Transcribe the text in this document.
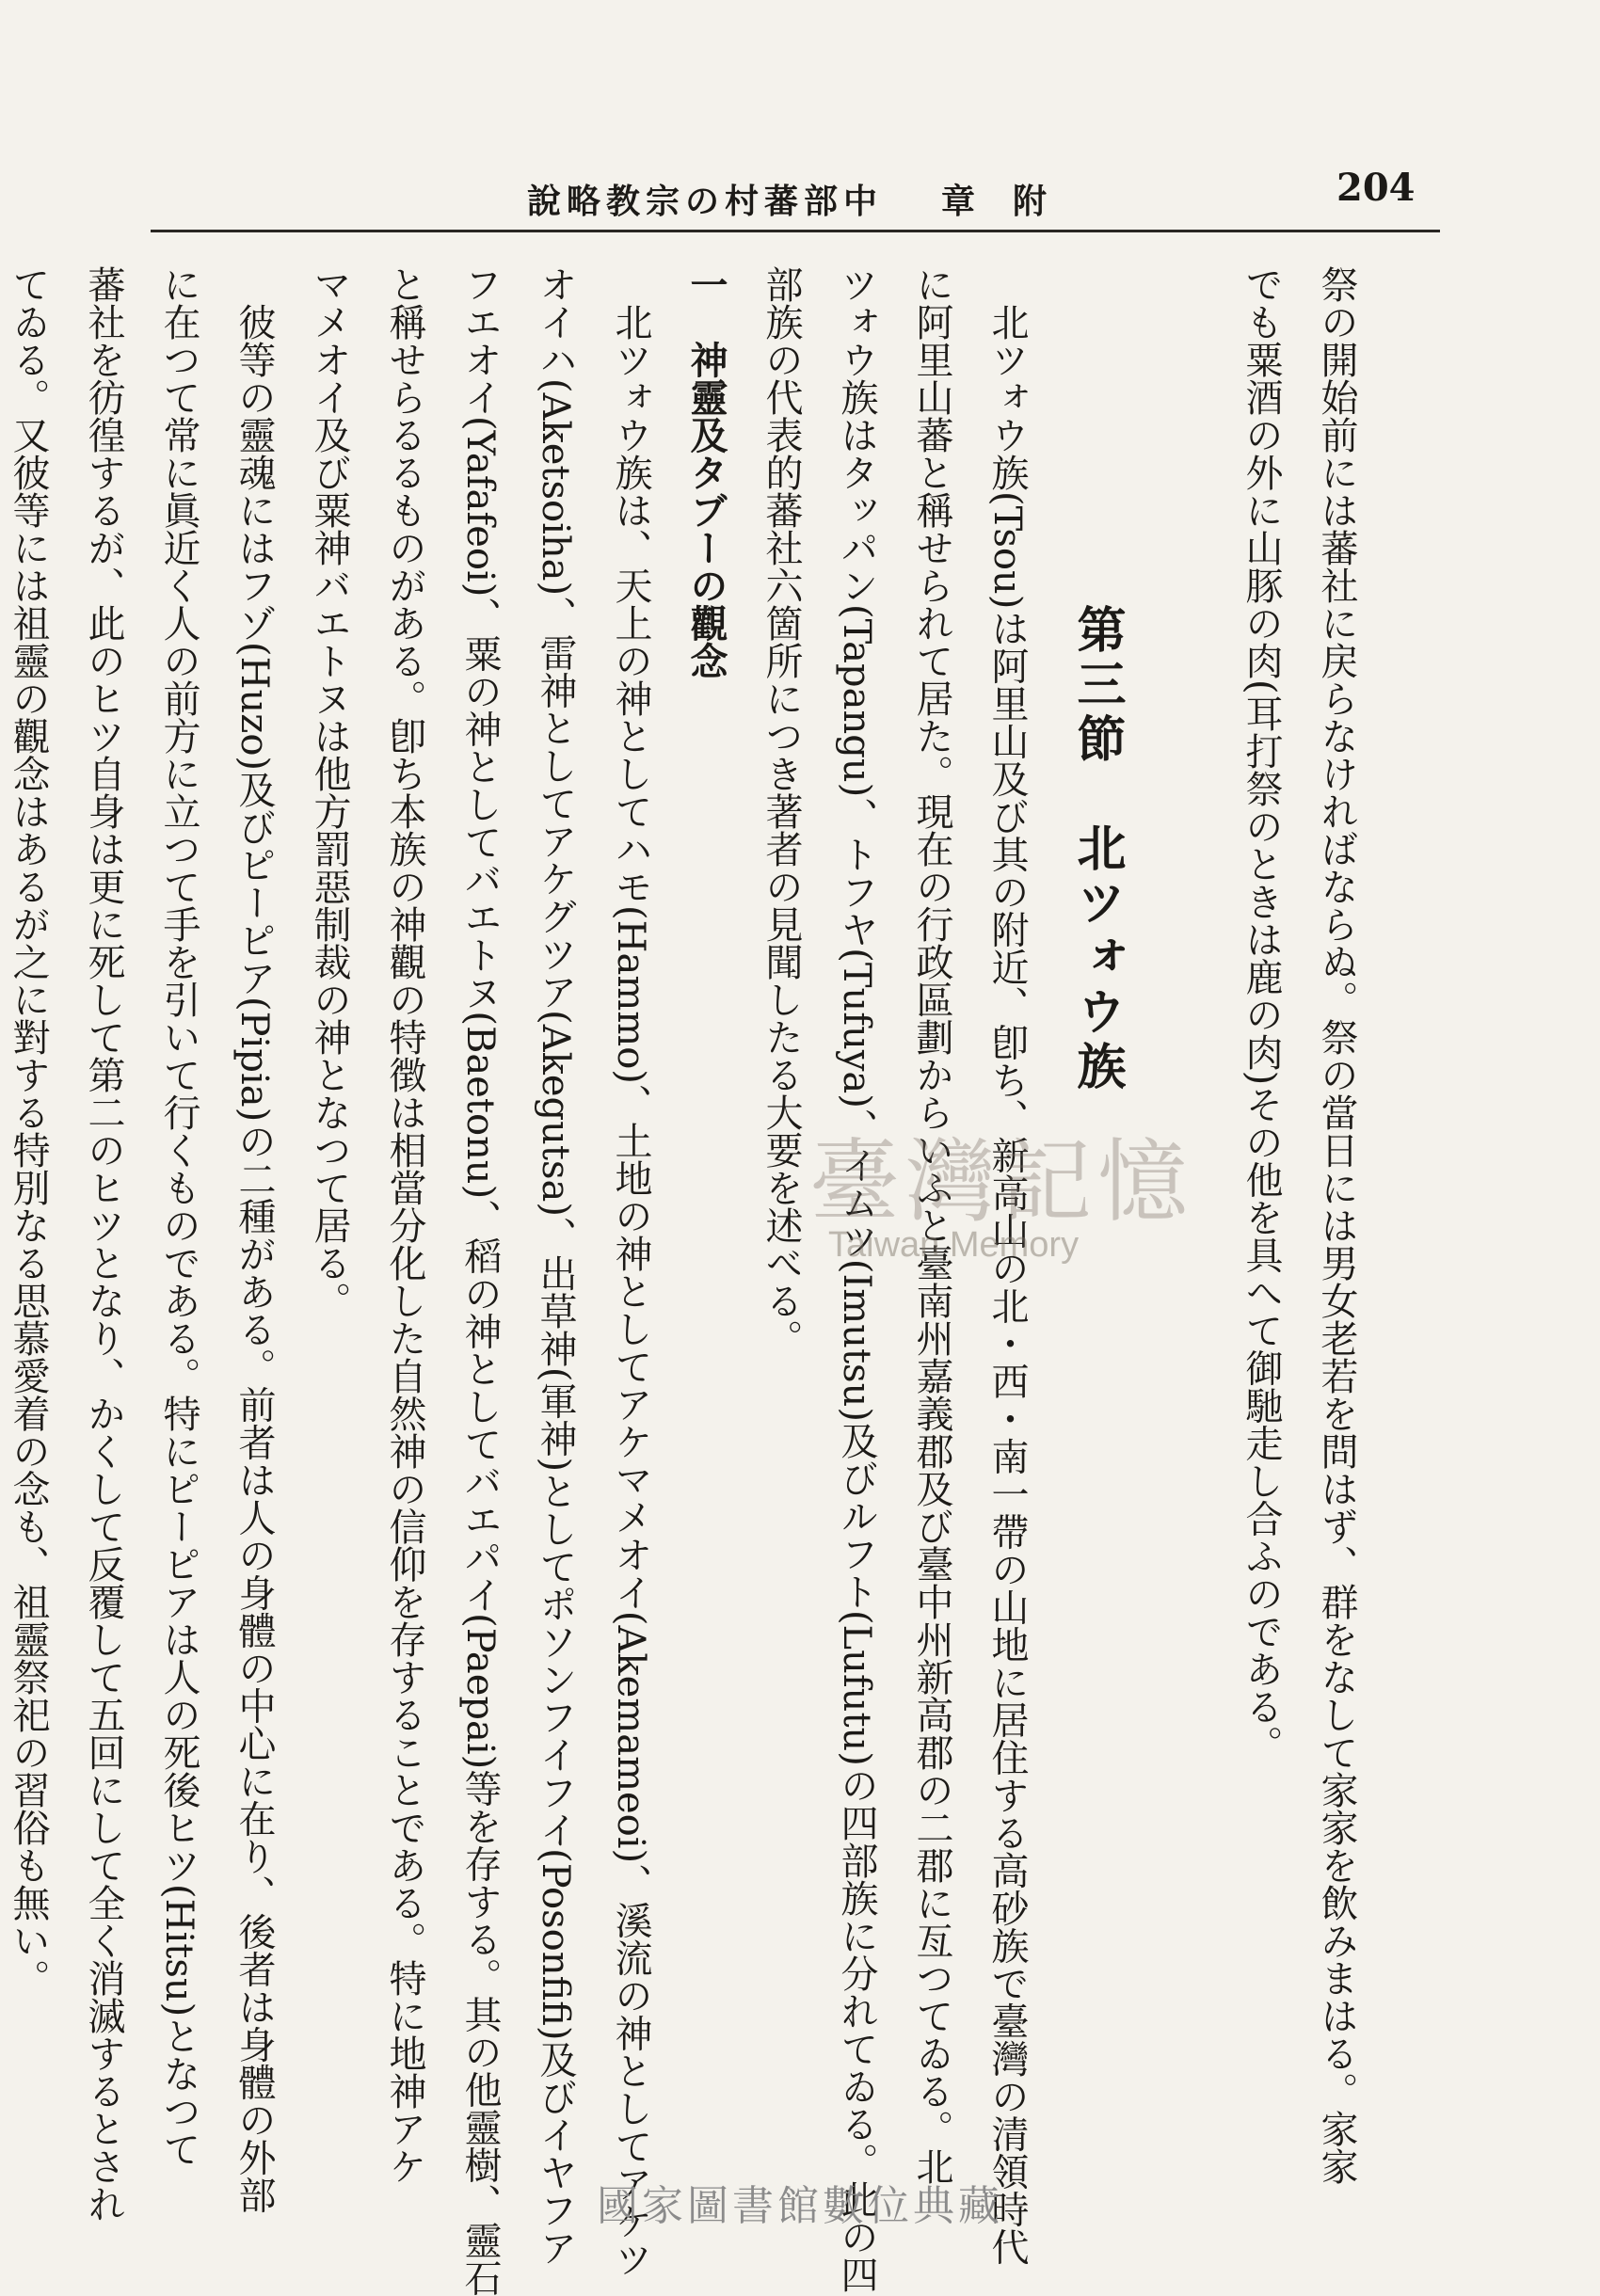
中部蕃村の宗教略說	附章	204
祭の開始前には蕃社に戻らなければならぬ。祭の當日には男女老若を問はず、群をなして家家を飲みまはる。家家
でも粟酒の外に山豚の肉(耳打祭のときは鹿の肉)その他を具へて御馳走し合ふのである。

第三節　北ツォウ族
北ツォウ族(Tsou)は阿里山及び其の附近、卽ち、新高山の北・西・南一帶の山地に居住する高砂族で臺灣の清領時代
に阿里山蕃と稱せられて居た。現在の行政區劃からいふと臺南州嘉義郡及び臺中州新高郡の二郡に亙つてゐる。北
ツォウ族はタッパン(Tapangu)、トフヤ(Tufuya)、イムツ(Imutsu)及びルフト(Lufutu)の四部族に分れてゐる。此の四
部族の代表的蕃社六箇所につき著者の見聞したる大要を述べる。
一　神靈及タブーの觀念
北ツォウ族は、天上の神としてハモ(Hammo)、土地の神としてアケマメオイ(Akemameoi)、溪流の神としてアケツ
オイハ(Aketsoiha)、雷神としてアケグツア(Akegutsa)、出草神(軍神)としてポソンフイフイ(Posonfifi)及びイヤフア
フエオイ(Yafafeoi)、粟の神としてバエトヌ(Baetonu)、稻の神としてバエパイ(Paepai)等を存する。其の他靈樹、靈石
と稱せらるるものがある。卽ち本族の神觀の特徴は相當分化した自然神の信仰を存することである。特に地神アケ
マメオイ及び粟神バエトヌは他方罰惡制裁の神となつて居る。
彼等の靈魂にはフゾ(Huzo)及びピーピア(Pipia)の二種がある。前者は人の身體の中心に在り、後者は身體の外部
に在つて常に眞近く人の前方に立つて手を引いて行くものである。特にピーピアは人の死後ヒツ(Hitsu)となつて
蕃社を彷徨するが、此のヒツ自身は更に死して第二のヒツとなり、かくして反覆して五回にして全く消滅するとされ
てゐる。又彼等には祖靈の觀念はあるが之に對する特別なる思慕愛着の念も、祖靈祭祀の習俗も無い。	臺灣記憶
Taiwan Memory
國家圖書館數位典藏
